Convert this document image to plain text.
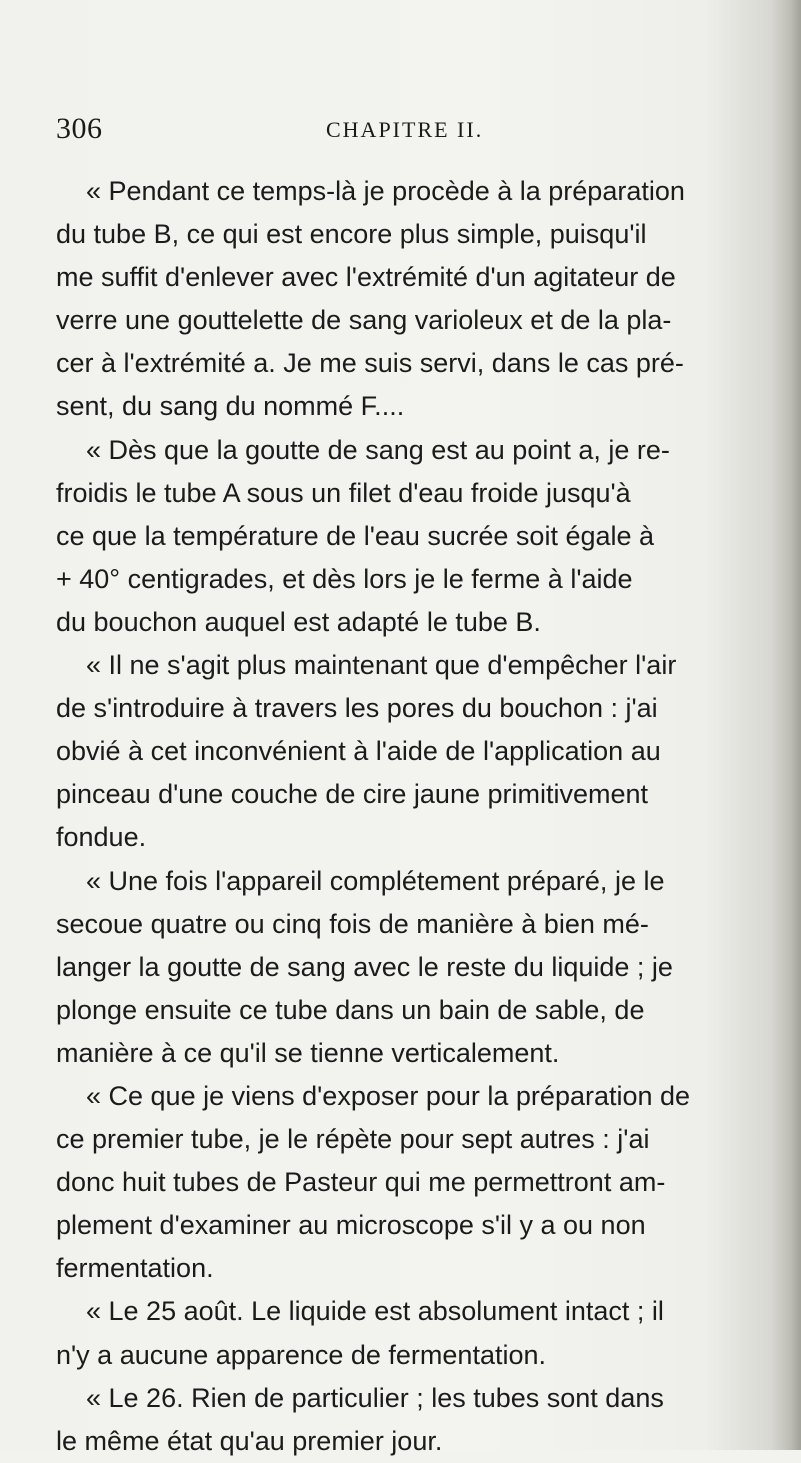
306	CHAPITRE II.
« Pendant ce temps-là je procède à la préparation
du tube B, ce qui est encore plus simple, puisqu'il
me suffit d'enlever avec l'extrémité d'un agitateur de
verre une gouttelette de sang varioleux et de la pla-
cer à l'extrémité a. Je me suis servi, dans le cas pré-
sent, du sang du nommé F....
« Dès que la goutte de sang est au point a, je re-
froidis le tube A sous un filet d'eau froide jusqu'à
ce que la température de l'eau sucrée soit égale à
+ 40° centigrades, et dès lors je le ferme à l'aide
du bouchon auquel est adapté le tube B.
« Il ne s'agit plus maintenant que d'empêcher l'air
de s'introduire à travers les pores du bouchon : j'ai
obvié à cet inconvénient à l'aide de l'application au
pinceau d'une couche de cire jaune primitivement
fondue.
« Une fois l'appareil complétement préparé, je le
secoue quatre ou cinq fois de manière à bien mé-
langer la goutte de sang avec le reste du liquide ; je
plonge ensuite ce tube dans un bain de sable, de
manière à ce qu'il se tienne verticalement.
« Ce que je viens d'exposer pour la préparation de
ce premier tube, je le répète pour sept autres : j'ai
donc huit tubes de Pasteur qui me permettront am-
plement d'examiner au microscope s'il y a ou non
fermentation.
« Le 25 août. Le liquide est absolument intact ; il
n'y a aucune apparence de fermentation.
« Le 26. Rien de particulier ; les tubes sont dans
le même état qu'au premier jour.
